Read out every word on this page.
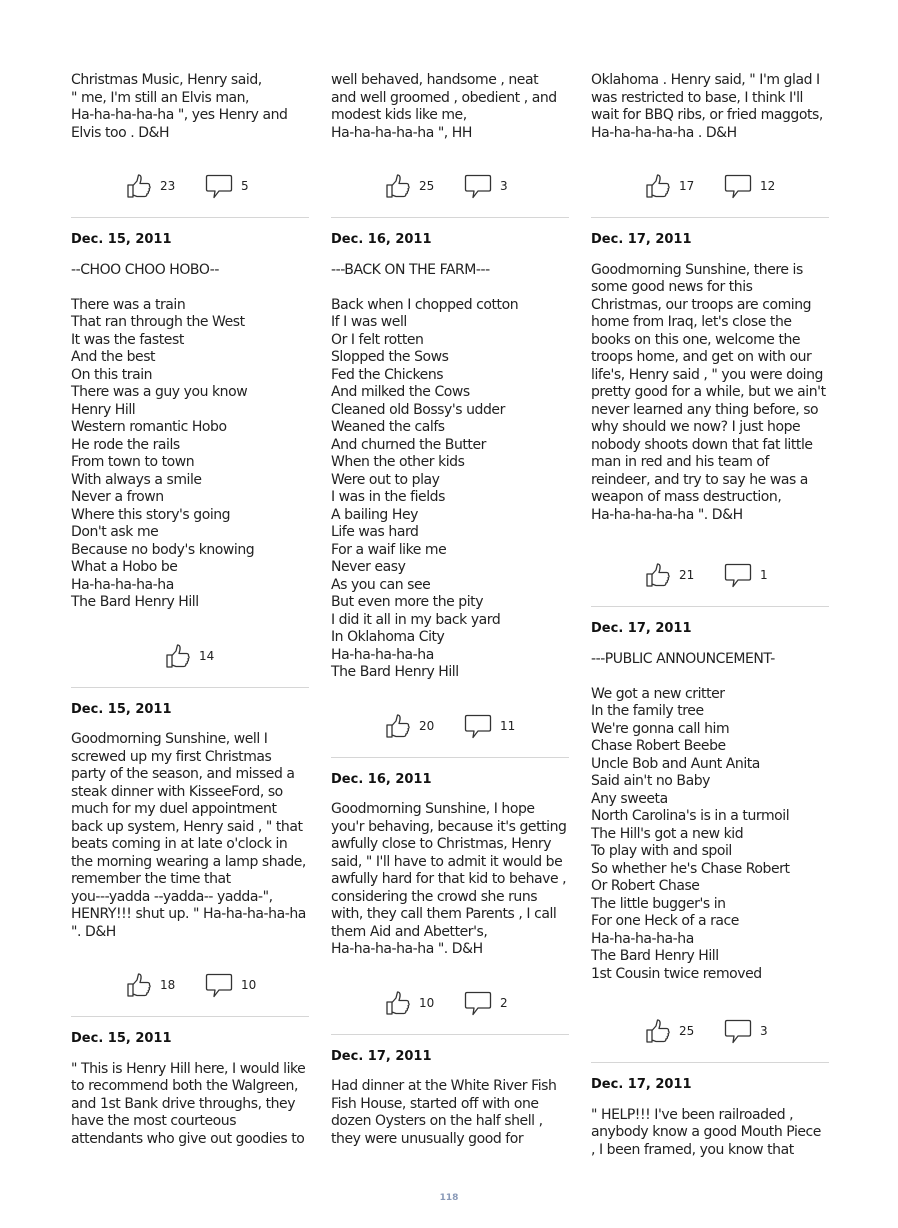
Christmas Music, Henry said,
" me, I'm still an Elvis man,
Ha-ha-ha-ha-ha ", yes Henry and
Elvis too . D&H

23	5
Dec. 15, 2011

--CHOO CHOO HOBO--

There was a train
That ran through the West
It was the fastest
And the best
On this train
There was a guy you know
Henry Hill
Western romantic Hobo
He rode the rails
From town to town
With always a smile
Never a frown
Where this story's going
Don't ask me
Because no body's knowing
What a Hobo be
Ha-ha-ha-ha-ha
The Bard Henry Hill

14
Dec. 15, 2011

Goodmorning Sunshine, well I
screwed up my first Christmas
party of the season, and missed a
steak dinner with KisseeFord, so
much for my duel appointment
back up system, Henry said , " that
beats coming in at late o'clock in
the morning wearing a lamp shade,
remember the time that
you---yadda --yadda-- yadda-",
HENRY!!! shut up. " Ha-ha-ha-ha-ha
". D&H

18	10
Dec. 15, 2011

" This is Henry Hill here, I would like
to recommend both the Walgreen,
and 1st Bank drive throughs, they
have the most courteous
attendants who give out goodies to

well behaved, handsome , neat
and well groomed , obedient , and
modest kids like me,
Ha-ha-ha-ha-ha ", HH

25	3
Dec. 16, 2011

---BACK ON THE FARM---

Back when I chopped cotton
If I was well
Or I felt rotten
Slopped the Sows
Fed the Chickens
And milked the Cows
Cleaned old Bossy's udder
Weaned the calfs
And churned the Butter
When the other kids
Were out to play
I was in the fields
A bailing Hey
Life was hard
For a waif like me
Never easy
As you can see
But even more the pity
I did it all in my back yard
In Oklahoma City
Ha-ha-ha-ha-ha
The Bard Henry Hill

20	11
Dec. 16, 2011

Goodmorning Sunshine, I hope
you'r behaving, because it's getting
awfully close to Christmas, Henry
said, " I'll have to admit it would be
awfully hard for that kid to behave ,
considering the crowd she runs
with, they call them Parents , I call
them Aid and Abetter's,
Ha-ha-ha-ha-ha ". D&H

10	2
Dec. 17, 2011

Had dinner at the White River Fish
Fish House, started off with one
dozen Oysters on the half shell ,
they were unusually good for

Oklahoma . Henry said, " I'm glad I
was restricted to base, I think I'll
wait for BBQ ribs, or fried maggots,
Ha-ha-ha-ha-ha . D&H

17	12
Dec. 17, 2011

Goodmorning Sunshine, there is
some good news for this
Christmas, our troops are coming
home from Iraq, let's close the
books on this one, welcome the
troops home, and get on with our
life's, Henry said , " you were doing
pretty good for a while, but we ain't
never learned any thing before, so
why should we now? I just hope
nobody shoots down that fat little
man in red and his team of
reindeer, and try to say he was a
weapon of mass destruction,
Ha-ha-ha-ha-ha ". D&H

21	1
Dec. 17, 2011

---PUBLIC ANNOUNCEMENT-

We got a new critter
In the family tree
We're gonna call him
Chase Robert Beebe
Uncle Bob and Aunt Anita
Said ain't no Baby
Any sweeta
North Carolina's is in a turmoil
The Hill's got a new kid
To play with and spoil
So whether he's Chase Robert
Or Robert Chase
The little bugger's in
For one Heck of a race
Ha-ha-ha-ha-ha
The Bard Henry Hill
1st Cousin twice removed

25	3
Dec. 17, 2011

" HELP!!! I've been railroaded ,
anybody know a good Mouth Piece
, I been framed, you know that

118
